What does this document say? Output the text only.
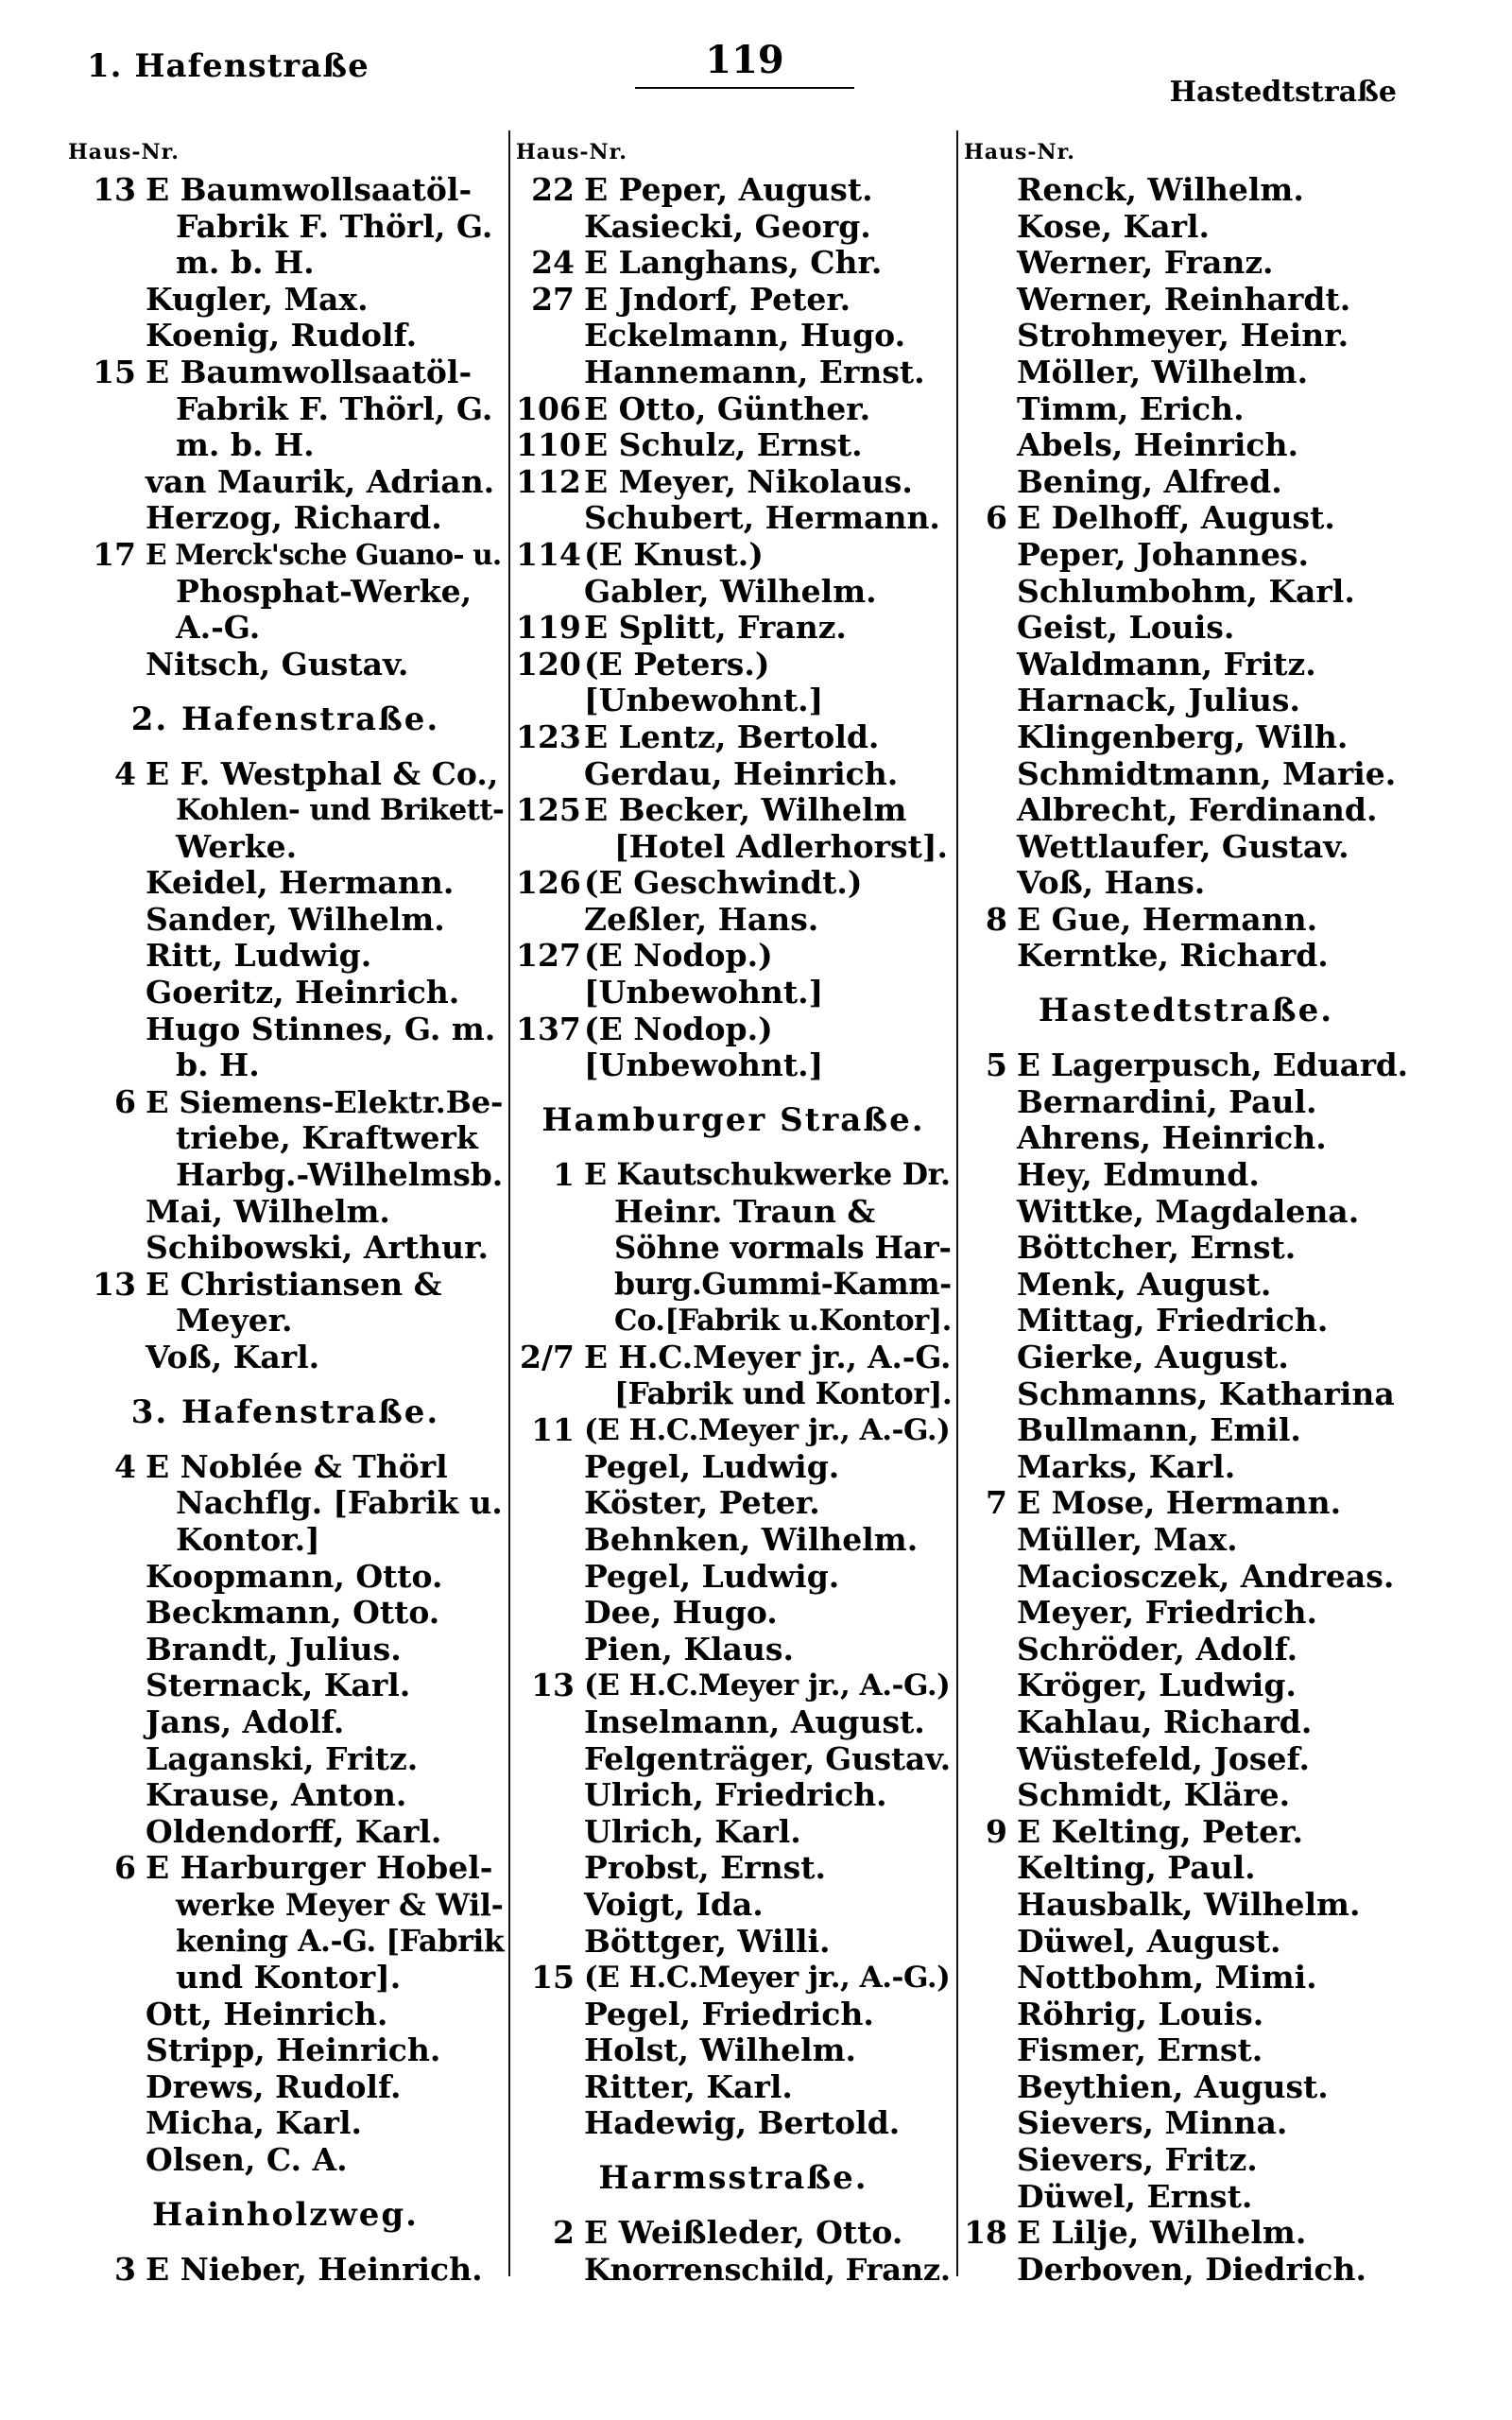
1. Hafenstraße	119
Hastedtstraße
Haus-Nr.
13 E Baumwollsaatöl-
Fabrik F. Thörl, G.
m. b. H.
Kugler, Max.
Koenig, Rudolf.
15 E Baumwollsaatöl-
Fabrik F. Thörl, G.
m. b. H.
van Maurik, Adrian.
Herzog, Richard.
17 E Merck'sche Guano- u.
Phosphat-Werke,
A.-G.
Nitsch, Gustav.
2. Hafenstraße.
4 E F. Westphal & Co.,
Kohlen- und Brikett-
Werke.
Keidel, Hermann.
Sander, Wilhelm.
Ritt, Ludwig.
Goeritz, Heinrich.
Hugo Stinnes, G. m.
b. H.
6 E Siemens-Elektr.Be-
triebe, Kraftwerk
Harbg.-Wilhelmsb.
Mai, Wilhelm.
Schibowski, Arthur.
13 E Christiansen &
Meyer.
Voß, Karl.
3. Hafenstraße.
4 E Noblée & Thörl
Nachflg. [Fabrik u.
Kontor.]
Koopmann, Otto.
Beckmann, Otto.
Brandt, Julius.
Sternack, Karl.
Jans, Adolf.
Laganski, Fritz.
Krause, Anton.
Oldendorff, Karl.
6 E Harburger Hobel-
werke Meyer & Wil-
kening A.-G. [Fabrik
und Kontor].
Ott, Heinrich.
Stripp, Heinrich.
Drews, Rudolf.
Micha, Karl.
Olsen, C. A.
Hainholzweg.
3 E Nieber, Heinrich.
Haus-Nr.
22 E Peper, August.
Kasiecki, Georg.
24 E Langhans, Chr.
27 E Jndorf, Peter.
Eckelmann, Hugo.
Hannemann, Ernst.
106 E Otto, Günther.
110 E Schulz, Ernst.
112 E Meyer, Nikolaus.
Schubert, Hermann.
114 (E Knust.)
Gabler, Wilhelm.
119 E Splitt, Franz.
120 (E Peters.)
[Unbewohnt.]
123 E Lentz, Bertold.
Gerdau, Heinrich.
125 E Becker, Wilhelm
[Hotel Adlerhorst].
126 (E Geschwindt.)
Zeßler, Hans.
127 (E Nodop.)
[Unbewohnt.]
137 (E Nodop.)
[Unbewohnt.]
Hamburger Straße.
1 E Kautschukwerke Dr.
Heinr. Traun &
Söhne vormals Har-
burg.Gummi-Kamm-
Co.[Fabrik u.Kontor].
2/7 E H.C.Meyer jr., A.-G.
[Fabrik und Kontor].
11 (E H.C.Meyer jr., A.-G.)
Pegel, Ludwig.
Köster, Peter.
Behnken, Wilhelm.
Pegel, Ludwig.
Dee, Hugo.
Pien, Klaus.
13 (E H.C.Meyer jr., A.-G.)
Inselmann, August.
Felgenträger, Gustav.
Ulrich, Friedrich.
Ulrich, Karl.
Probst, Ernst.
Voigt, Ida.
Böttger, Willi.
15 (E H.C.Meyer jr., A.-G.)
Pegel, Friedrich.
Holst, Wilhelm.
Ritter, Karl.
Hadewig, Bertold.
Harmsstraße.
2 E Weißleder, Otto.
Knorrenschild, Franz.
Haus-Nr.
Renck, Wilhelm.
Kose, Karl.
Werner, Franz.
Werner, Reinhardt.
Strohmeyer, Heinr.
Möller, Wilhelm.
Timm, Erich.
Abels, Heinrich.
Bening, Alfred.
6 E Delhoff, August.
Peper, Johannes.
Schlumbohm, Karl.
Geist, Louis.
Waldmann, Fritz.
Harnack, Julius.
Klingenberg, Wilh.
Schmidtmann, Marie.
Albrecht, Ferdinand.
Wettlaufer, Gustav.
Voß, Hans.
8 E Gue, Hermann.
Kerntke, Richard.
Hastedtstraße.
5 E Lagerpusch, Eduard.
Bernardini, Paul.
Ahrens, Heinrich.
Hey, Edmund.
Wittke, Magdalena.
Böttcher, Ernst.
Menk, August.
Mittag, Friedrich.
Gierke, August.
Schmanns, Katharina
Bullmann, Emil.
Marks, Karl.
7 E Mose, Hermann.
Müller, Max.
Maciosczek, Andreas.
Meyer, Friedrich.
Schröder, Adolf.
Kröger, Ludwig.
Kahlau, Richard.
Wüstefeld, Josef.
Schmidt, Kläre.
9 E Kelting, Peter.
Kelting, Paul.
Hausbalk, Wilhelm.
Düwel, August.
Nottbohm, Mimi.
Röhrig, Louis.
Fismer, Ernst.
Beythien, August.
Sievers, Minna.
Sievers, Fritz.
Düwel, Ernst.
18 E Lilje, Wilhelm.
Derboven, Diedrich.
